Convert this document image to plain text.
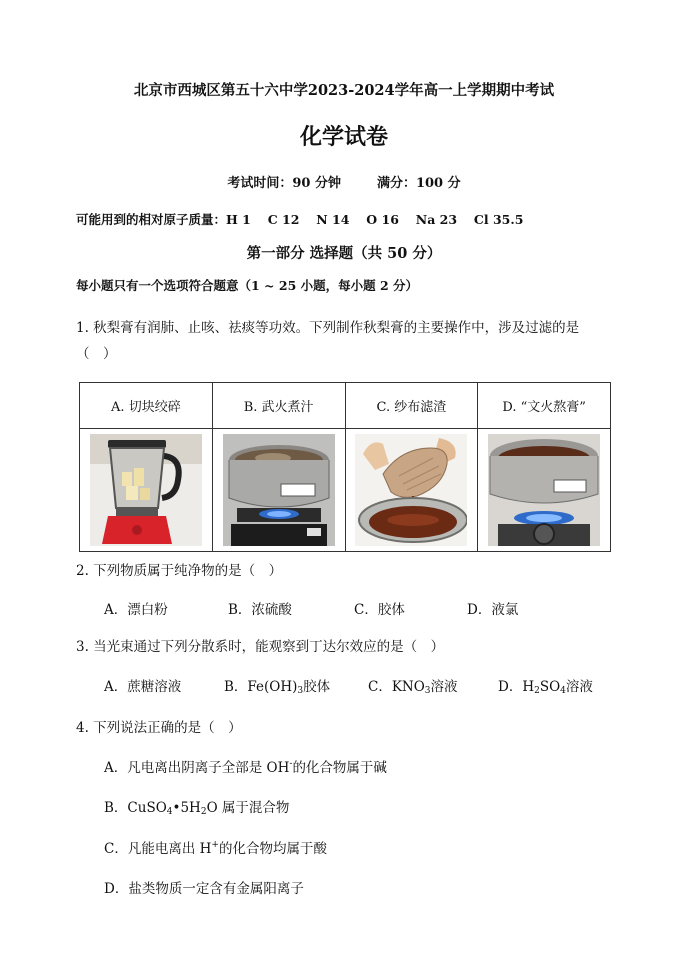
北京市西城区第五十六中学2023-2024学年高一上学期期中考试
化学试卷
考试时间：90 分钟	满分：100 分
可能用到的相对原子质量：H 1　 C 12　 N 14　 O 16　 Na 23　 Cl 35.5
第一部分 选择题（共 50 分）
每小题只有一个选项符合题意（1 ~ 25 小题，每小题 2 分）
1. 秋梨膏有润肺、止咳、祛痰等功效。下列制作秋梨膏的主要操作中，涉及过滤的是
（　）
A. 切块绞碎	B. 武火煮汁	C. 纱布滤渣	D. “文火熬膏”

2. 下列物质属于纯净物的是（　）
A．漂白粉	B．浓硫酸	C．胶体	D．液氯
3. 当光束通过下列分散系时，能观察到丁达尔效应的是（　）
A．蔗糖溶液	B．$Fe(OH)_3$胶体	C．$KNO_3$溶液	D．$H_2SO_4$溶液
4. 下列说法正确的是（　）
A．凡电离出阴离子全部是 OH-的化合物属于碱
B．$CuSO_4•5H_2O$ 属于混合物
C．凡能电离出 H+的化合物均属于酸
D．盐类物质一定含有金属阳离子
